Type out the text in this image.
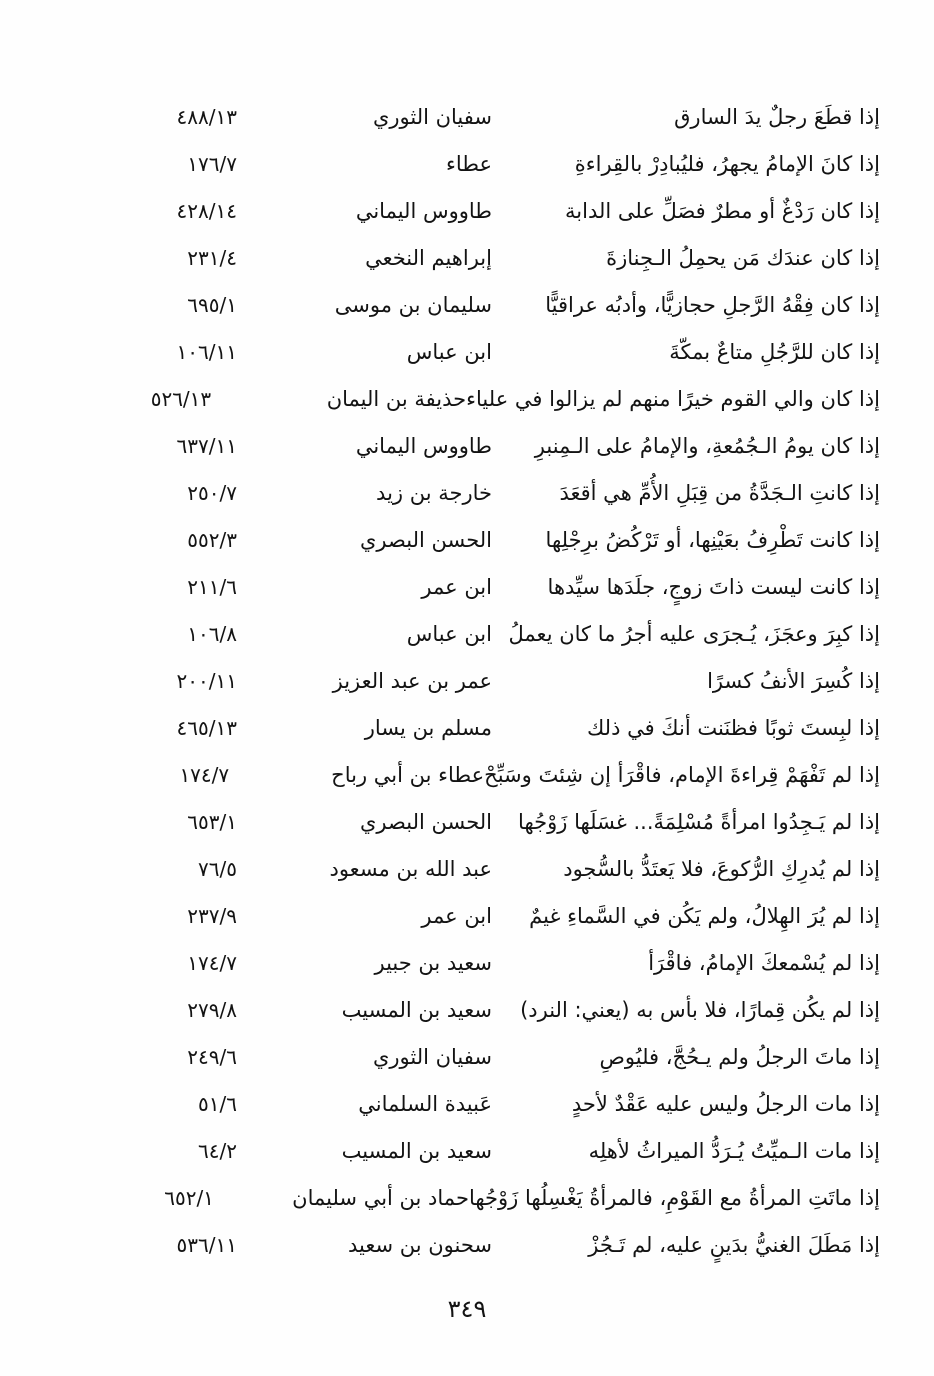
إذا قطَعَ رجلٌ يدَ السارق
سفيان الثوري
٤٨٨/١٣
إذا كانَ الإمامُ يجهرُ، فليُبادِرْ بالقِراءةِ
عطاء
١٧٦/٧
إذا كان رَدْغٌ أو مطرٌ فصَلِّ على الدابة
طاووس اليماني
٤٢٨/١٤
إذا كان عندَك مَن يحمِلُ الـجِنازةَ
إبراهيم النخعي
٢٣١/٤
إذا كان فِقْهُ الرَّجلِ حجازيًّا، وأدبُه عراقيًّا
سليمان بن موسى
٦٩٥/١
إذا كان للرَّجُلِ متاعٌ بمكّةَ
ابن عباس
١٠٦/١١
إذا كان والي القوم خيرًا منهم لم يزالوا في علياء
حذيفة بن اليمان
٥٢٦/١٣
إذا كان يومُ الـجُمُعةِ، والإمامُ على الـمِنبرِ
طاووس اليماني
٦٣٧/١١
إذا كانتِ الـجَدَّةُ من قِبَلِ الأُمِّ هي أقعَدَ
خارجة بن زيد
٢٥٠/٧
إذا كانت تَطْرِفُ بعَيْنِها، أو تَرْكُضُ برِجْلِها
الحسن البصري
٥٥٢/٣
إذا كانت ليست ذاتَ زوجٍ، جلَدَها سيِّدها
ابن عمر
٢١١/٦
إذا كبِرَ وعجَزَ، يُـجرَى عليه أجرُ ما كان يعملُ
ابن عباس
١٠٦/٨
إذا كُسِرَ الأنفُ كسرًا
عمر بن عبد العزيز
٢٠٠/١١
إذا لبِستَ ثوبًا فظنَنت أنكَ في ذلك
مسلم بن يسار
٤٦٥/١٣
إذا لم تَفْهَمْ قِراءةَ الإمام، فاقْرَأ إن شِئتَ وسَبِّحْ
عطاء بن أبي رباح
١٧٤/٧
إذا لم يَـجِدُوا امرأةً مُسْلِمَةً... غسَلَها زَوْجُها
الحسن البصري
٦٥٣/١
إذا لم يُدرِكِ الرُّكوعَ، فلا يَعتَدُّ بالسُّجود
عبد الله بن مسعود
٧٦/٥
إذا لم يُرَ الهِلالُ، ولم يَكُن في السَّماءِ غيمٌ
ابن عمر
٢٣٧/٩
إذا لم يُسْمعكَ الإمامُ، فاقْرَأ
سعيد بن جبير
١٧٤/٧
إذا لم يكُن قِمارًا، فلا بأس به (يعني: النرد)
سعيد بن المسيب
٢٧٩/٨
إذا ماتَ الرجلُ ولم يـحُجَّ، فليُوصِ
سفيان الثوري
٢٤٩/٦
إذا مات الرجلُ وليس عليه عَقْدٌ لأحدٍ
عَبيدة السلماني
٥١/٦
إذا مات الـميِّتُ يُـرَدُّ الميراثُ لأهلِه
سعيد بن المسيب
٦٤/٢
إذا ماتَتِ المرأةُ مع القَوْمِ، فالمرأةُ يَغْسِلُها زَوْجُها
حماد بن أبي سليمان
٦٥٢/١
إذا مَطَلَ الغنيُّ بدَينٍ عليه، لم تَـجُزْ
سحنون بن سعيد
٥٣٦/١١
٣٤٩
